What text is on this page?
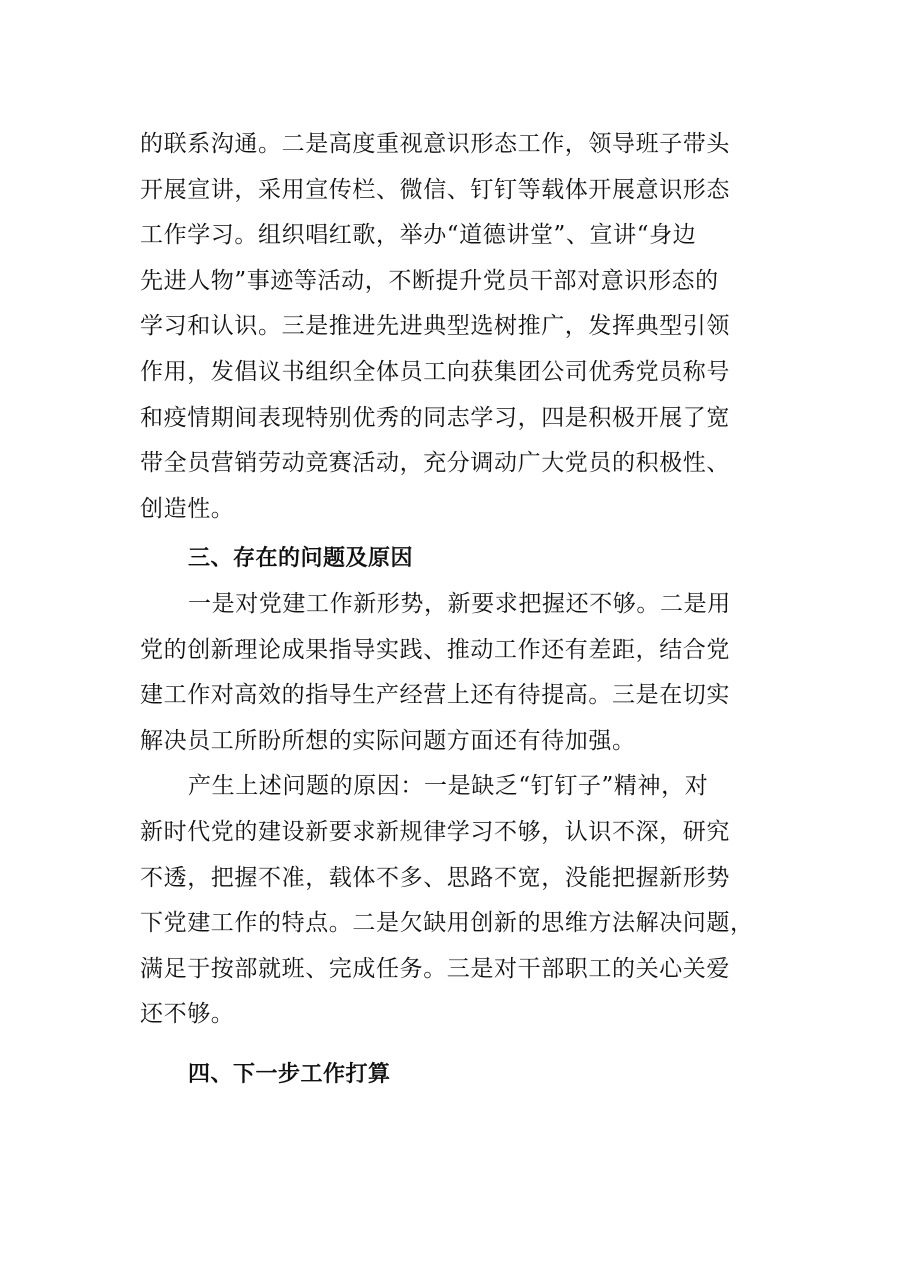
的联系沟通。二是高度重视意识形态工作，领导班子带头
开展宣讲，采用宣传栏、微信、钉钉等载体开展意识形态
工作学习。组织唱红歌，举办“道德讲堂”、宣讲“身边
先进人物”事迹等活动，不断提升党员干部对意识形态的
学习和认识。三是推进先进典型选树推广，发挥典型引领
作用，发倡议书组织全体员工向获集团公司优秀党员称号
和疫情期间表现特别优秀的同志学习，四是积极开展了宽
带全员营销劳动竞赛活动，充分调动广大党员的积极性、
创造性。
三、存在的问题及原因
一是对党建工作新形势，新要求把握还不够。二是用
党的创新理论成果指导实践、推动工作还有差距，结合党
建工作对高效的指导生产经营上还有待提高。三是在切实
解决员工所盼所想的实际问题方面还有待加强。
产生上述问题的原因：一是缺乏“钉钉子”精神，对
新时代党的建设新要求新规律学习不够，认识不深，研究
不透，把握不准，载体不多、思路不宽，没能把握新形势
下党建工作的特点。二是欠缺用创新的思维方法解决问题，
满足于按部就班、完成任务。三是对干部职工的关心关爱
还不够。
四、下一步工作打算
